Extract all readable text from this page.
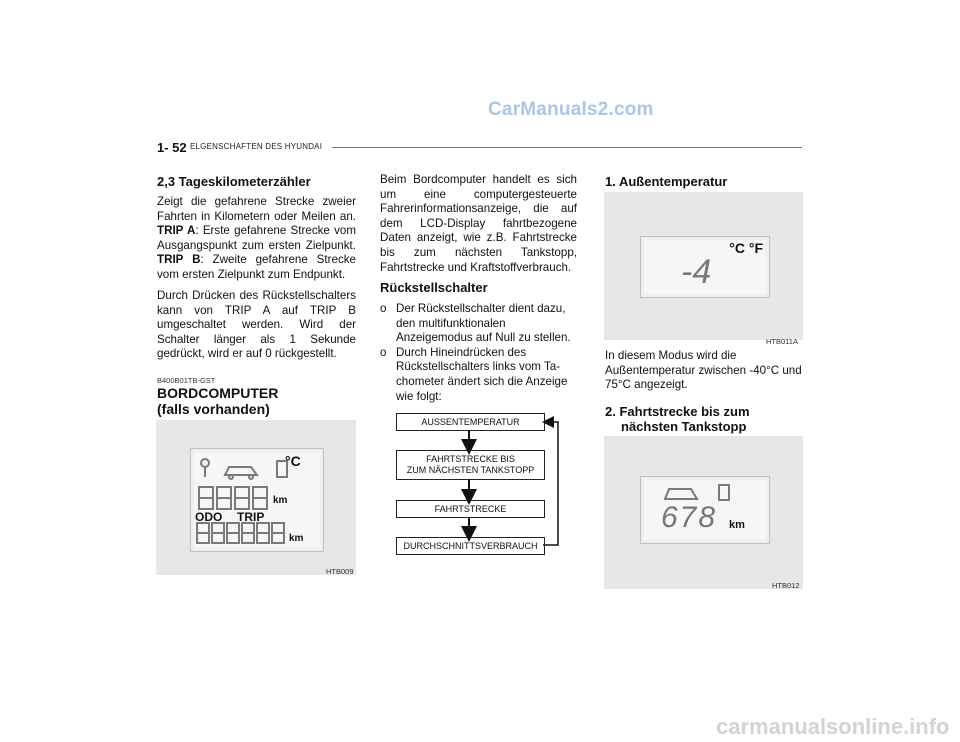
CarManuals2.com
carmanualsonline.info
1- 52 ELGENSCHAFTEN DES HYUNDAI
2,3 Tageskilometerzähler
Zeigt die gefahrene Strecke zweier Fahrten in Kilometern oder Meilen an. TRIP A: Erste gefahrene Strecke vom Ausgangspunkt zum ersten Zielpunkt. TRIP B: Zweite gefahrene Strecke vom ersten Zielpunkt zum Endpunkt.
Durch Drücken des Rückstellschalters kann von TRIP A auf TRIP B umgeschaltet werden. Wird der Schalter länger als 1 Sekunde gedrückt, wird er auf 0 rückgestellt.
B400B01TB-GST
BORDCOMPUTER
(falls vorhanden)
°C
km
ODO TRIP
km
HTB009
Beim Bordcomputer handelt es sich um eine computergesteuerte Fahrerinformationsanzeige, die auf dem LCD-Display fahrtbezogene Daten anzeigt, wie z.B. Fahrtstrecke bis zum nächsten Tankstopp, Fahrtstrecke und Kraftstoffverbrauch.
Rückstellschalter
o Der Rückstellschalter dient dazu, den multifunktionalen Anzeigemodus auf Null zu stellen.
o Durch Hineindrücken des Rückstellschalters links vom Ta-chometer ändert sich die Anzeige wie folgt:
AUSSENTEMPERATUR
FAHRTSTRECKE BIS
ZUM NÄCHSTEN TANKSTOPP
FAHRTSTRECKE
DURCHSCHNITTSVERBRAUCH
1. Außentemperatur
°C °F
-4
HTB011A
In diesem Modus wird die Außentemperatur zwischen -40°C und 75°C angezeigt.
2. Fahrtstrecke bis zum
nächsten Tankstopp
678 km
HTB012
